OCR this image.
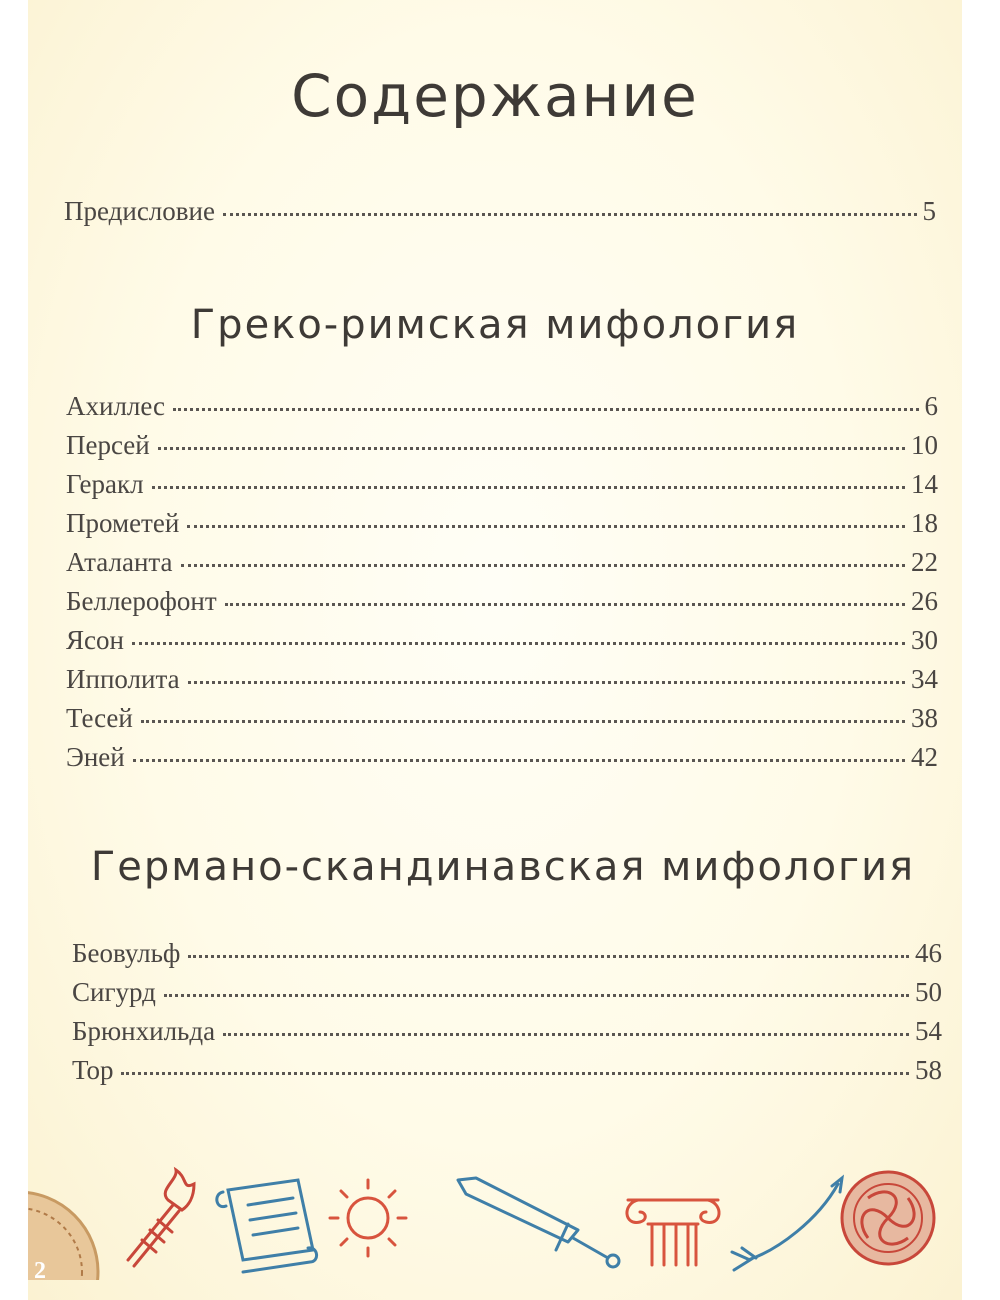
Содержание
Предисловие	5
Греко-римская мифология
Ахиллес	6
Персей	10
Геракл	14
Прометей	18
Аталанта	22
Беллерофонт	26
Ясон	30
Ипполита	34
Тесей	38
Эней	42
Германо-скандинавская мифология
Беовульф	46
Сигурд	50
Брюнхильда	54
Тор	58
2
